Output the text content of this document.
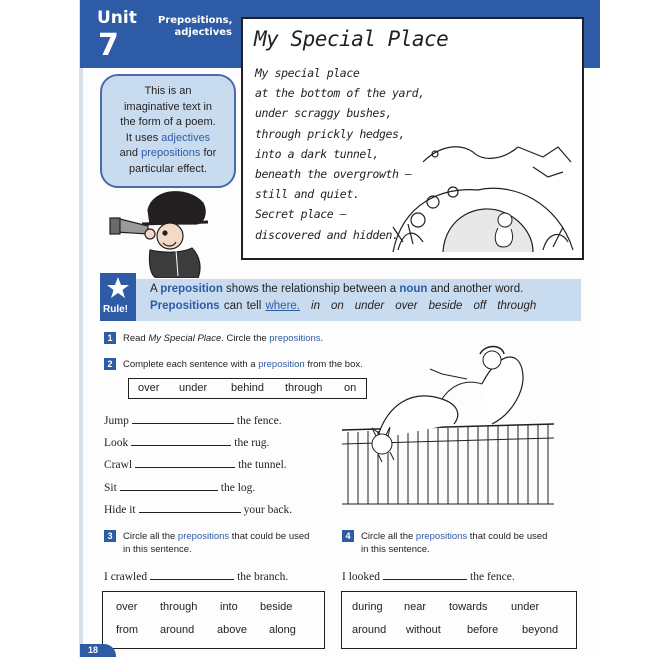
Unit
7
Prepositions,
adjectives My Special Place
My special place
at the bottom of the yard,
under scraggy bushes,
through prickly hedges,
into a dark tunnel,
beneath the overgrowth –
still and quiet.
Secret place –
discovered and hidden.
This is an
imaginative text in
the form of a poem.
It uses adjectives
and prepositions for
particular effect.
Rule!
A preposition shows the relationship between a noun and another word.
Prepositions can tell where. in on under over beside off through
1	Read My Special Place. Circle the prepositions.
2	Complete each sentence with a preposition from the box.
over under behind through on
Jump	the fence.
Look	the rug.
Crawl	the tunnel.
Sit	the log.
Hide it	your back.
3	Circle all the prepositions that could be used
in this sentence.
I crawled	the branch.
over through into beside
from around above along
4	Circle all the prepositions that could be used
in this sentence.
I looked	the fence.
during near towards under
around without before beyond
18
